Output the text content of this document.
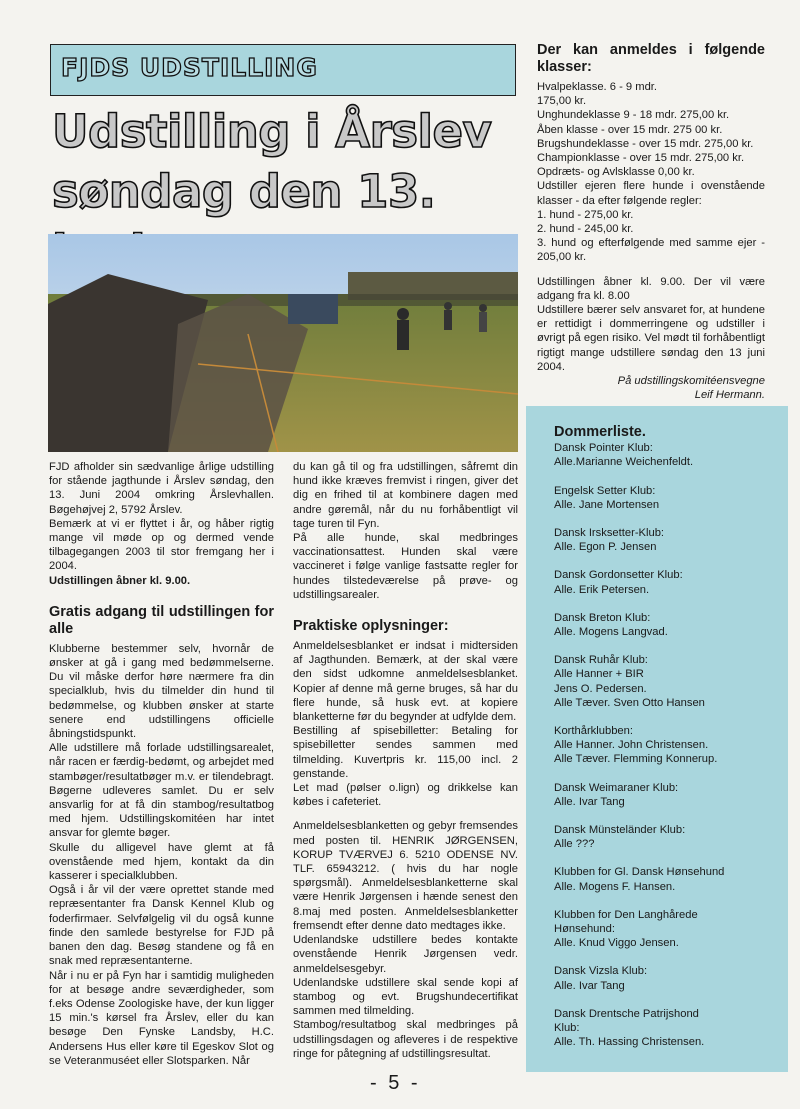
FJDS UDSTILLING
Udstilling i Årslev
søndag den 13.

FJD afholder sin sædvanlige årlige udstilling for stående jagthunde i Årslev søndag, den 13. Juni 2004 omkring Årslevhallen. Bøgehøjvej 2, 5792 Årslev.

Bemærk at vi er flyttet i år, og håber rigtig mange vil møde op og dermed vende tilbagegangen 2003 til stor fremgang her i 2004.

Udstillingen åbner kl. 9.00.

Gratis adgang til udstillingen for alle

Klubberne bestemmer selv, hvornår de ønsker at gå i gang med bedømmelserne. Du vil måske derfor høre nærmere fra din specialklub, hvis du tilmelder din hund til bedømmelse, og klubben ønsker at starte senere end udstillingens officielle åbningstidspunkt.

Alle udstillere må forlade udstillingsarealet, når racen er færdig-bedømt, og arbejdet med stambøger/resultatbøger m.v. er tilendebragt. Bøgerne udleveres samlet. Du er selv ansvarlig for at få din stambog/resultatbog med hjem. Udstillingskomitéen har intet ansvar for glemte bøger.

Skulle du alligevel have glemt at få ovenstående med hjem, kontakt da din kasserer i specialklubben.

Også i år vil der være oprettet stande med repræsentanter fra Dansk Kennel Klub og foderfirmaer. Selvfølgelig vil du også kunne finde den samlede bestyrelse for FJD på banen den dag. Besøg standene og få en snak med repræsentanterne.

Når i nu er på Fyn har i samtidig muligheden for at besøge andre seværdigheder, som f.eks Odense Zoologiske have, der kun ligger 15 min.'s kørsel fra Årslev, eller du kan besøge Den Fynske Landsby, H.C. Andersens Hus eller køre til Egeskov Slot og se Veteranmuséet eller Slotsparken. Når

du kan gå til og fra udstillingen, såfremt din hund ikke kræves fremvist i ringen, giver det dig en frihed til at kombinere dagen med andre gøremål, når du nu forhåbentligt vil tage turen til Fyn.

På alle hunde, skal medbringes vaccinationsattest. Hunden skal være vaccineret i følge vanlige fastsatte regler for hundes tilstedeværelse på prøve- og udstillingsarealer.

Praktiske oplysninger:

Anmeldelsesblanket er indsat i midtersiden af Jagthunden. Bemærk, at der skal være den sidst udkomne anmeldelsesblanket. Kopier af denne må gerne bruges, så har du flere hunde, så husk evt. at kopiere blanketterne før du begynder at udfylde dem.

Bestilling af spisebilletter: Betaling for spisebilletter sendes sammen med tilmelding. Kuvertpris kr. 115,00 incl. 2 genstande.

Let mad (pølser o.lign) og drikkelse kan købes i cafeteriet.

Anmeldelsesblanketten og gebyr fremsendes med posten til. HENRIK JØRGENSEN, KORUP TVÆRVEJ 6. 5210 ODENSE NV. TLF. 65943212. ( hvis du har nogle spørgsmål). Anmeldelsesblanketterne skal være Henrik Jørgensen i hænde senest den 8.maj med posten. Anmeldelsesblanketter fremsendt efter denne dato medtages ikke.

Udenlandske udstillere bedes kontakte ovenstående Henrik Jørgensen vedr. anmeldelsesgebyr.

Udenlandske udstillere skal sende kopi af stambog og evt. Brugshundecertifikat sammen med tilmelding.

Stambog/resultatbog skal medbringes på udstillingsdagen og afleveres i de respektive ringe for påtegning af udstillingsresultat.

Der kan anmeldes i følgende klasser:
Hvalpeklasse. 6 - 9 mdr.
175,00 kr.
Unghundeklasse 9 - 18 mdr. 275,00 kr.
Åben klasse - over 15 mdr. 275 00 kr.
Brugshundeklasse - over 15 mdr. 275,00 kr.
Championklasse - over 15 mdr. 275,00 kr.
Opdræts- og Avlsklasse 0,00 kr.
Udstiller ejeren flere hunde i ovenstående klasser - da efter følgende regler:
1. hund - 275,00 kr.
2. hund - 245,00 kr.
3. hund og efterfølgende med samme ejer - 205,00 kr.

Udstillingen åbner kl. 9.00. Der vil være adgang fra kl. 8.00

Udstillere bærer selv ansvaret for, at hundene er rettidigt i dommerringene og udstiller i øvrigt på egen risiko. Vel mødt til forhåbentligt rigtigt mange udstillere søndag den 13 juni 2004.

På udstillingskomitéensvegne
Leif Hermann.
Dommerliste.
Dansk Pointer Klub:
Alle.Marianne Weichenfeldt.
Engelsk Setter Klub:
Alle. Jane Mortensen
Dansk Irsksetter-Klub:
Alle. Egon P. Jensen
Dansk Gordonsetter Klub:
Alle. Erik Petersen.
Dansk Breton Klub:
Alle. Mogens Langvad.
Dansk Ruhår Klub:
Alle Hanner + BIR
Jens O. Pedersen.
Alle Tæver. Sven Otto Hansen
Korthårklubben:
Alle Hanner. John Christensen.
Alle Tæver. Flemming Konnerup.
Dansk Weimaraner Klub:
Alle. Ivar Tang
Dansk Münsteländer Klub:
Alle ???
Klubben for Gl. Dansk Hønsehund
Alle. Mogens F. Hansen.
Klubben for Den Langhårede
Hønsehund:
Alle. Knud Viggo Jensen.
Dansk Vizsla Klub:
Alle. Ivar Tang
Dansk Drentsche Patrijshond
Klub:
Alle. Th. Hassing Christensen.
- 5 -
